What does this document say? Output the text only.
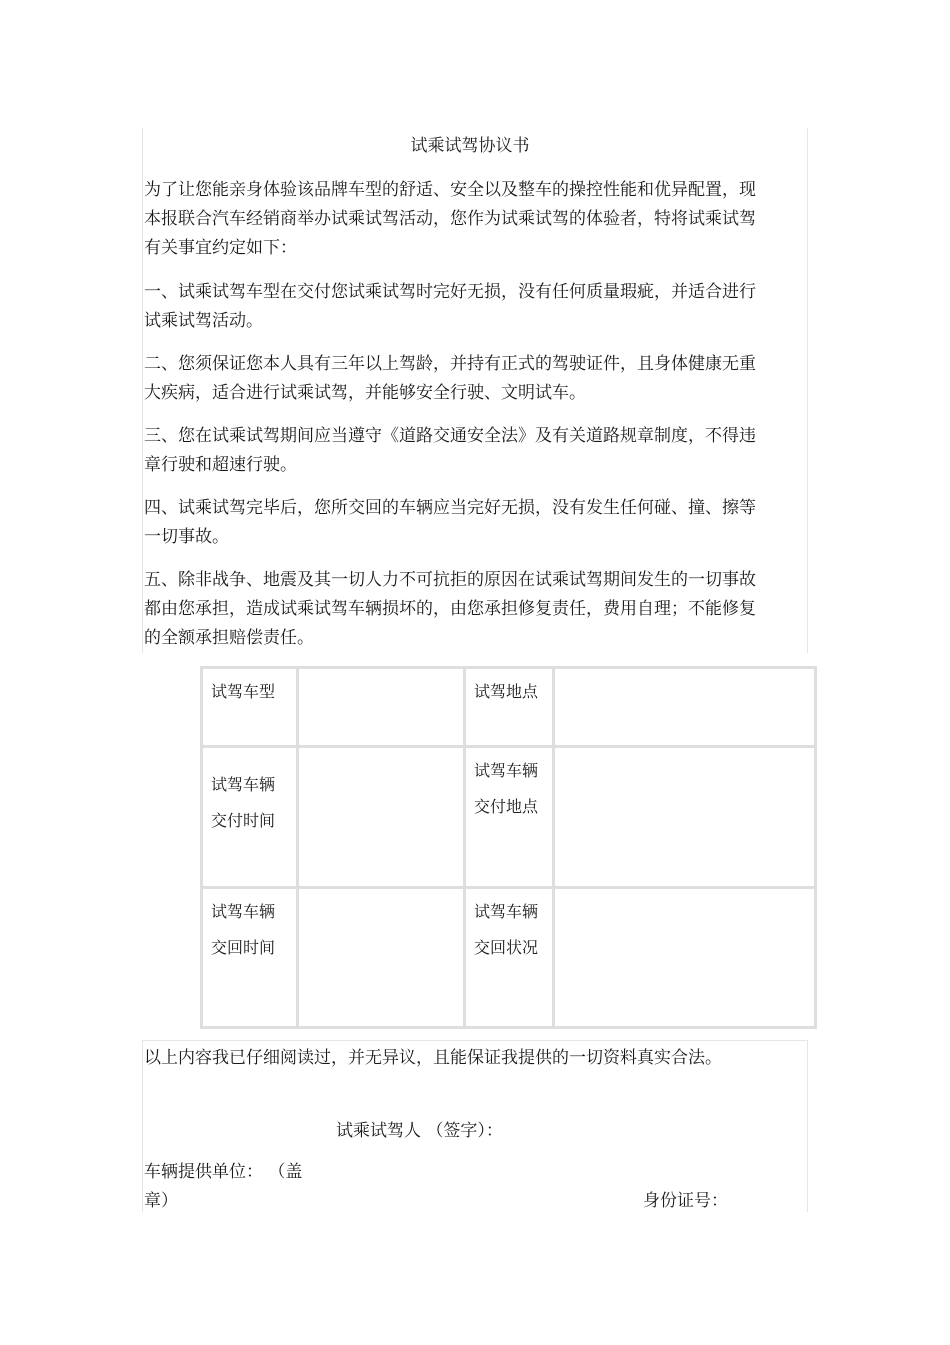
试乘试驾协议书

为了让您能亲身体验该品牌车型的舒适、安全以及整车的操控性能和优异配置，现本报联合汽车经销商举办试乘试驾活动，您作为试乘试驾的体验者，特将试乘试驾有关事宜约定如下：

一、试乘试驾车型在交付您试乘试驾时完好无损，没有任何质量瑕疵，并适合进行试乘试驾活动。

二、您须保证您本人具有三年以上驾龄，并持有正式的驾驶证件，且身体健康无重大疾病，适合进行试乘试驾，并能够安全行驶、文明试车。

三、您在试乘试驾期间应当遵守《道路交通安全法》及有关道路规章制度，不得违章行驶和超速行驶。

四、试乘试驾完毕后，您所交回的车辆应当完好无损，没有发生任何碰、撞、擦等一切事故。

五、除非战争、地震及其一切人力不可抗拒的原因在试乘试驾期间发生的一切事故都由您承担，造成试乘试驾车辆损坏的，由您承担修复责任，费用自理；不能修复的全额承担赔偿责任。

试驾车型		试驾地点	

试驾车辆
交付时间		试驾车辆
交付地点	

试驾车辆
交回时间		试驾车辆
交回状况	

以上内容我已仔细阅读过，并无异议，且能保证我提供的一切资料真实合法。
试乘试驾人 （签字）：
车辆提供单位： （盖章）	身份证号：
